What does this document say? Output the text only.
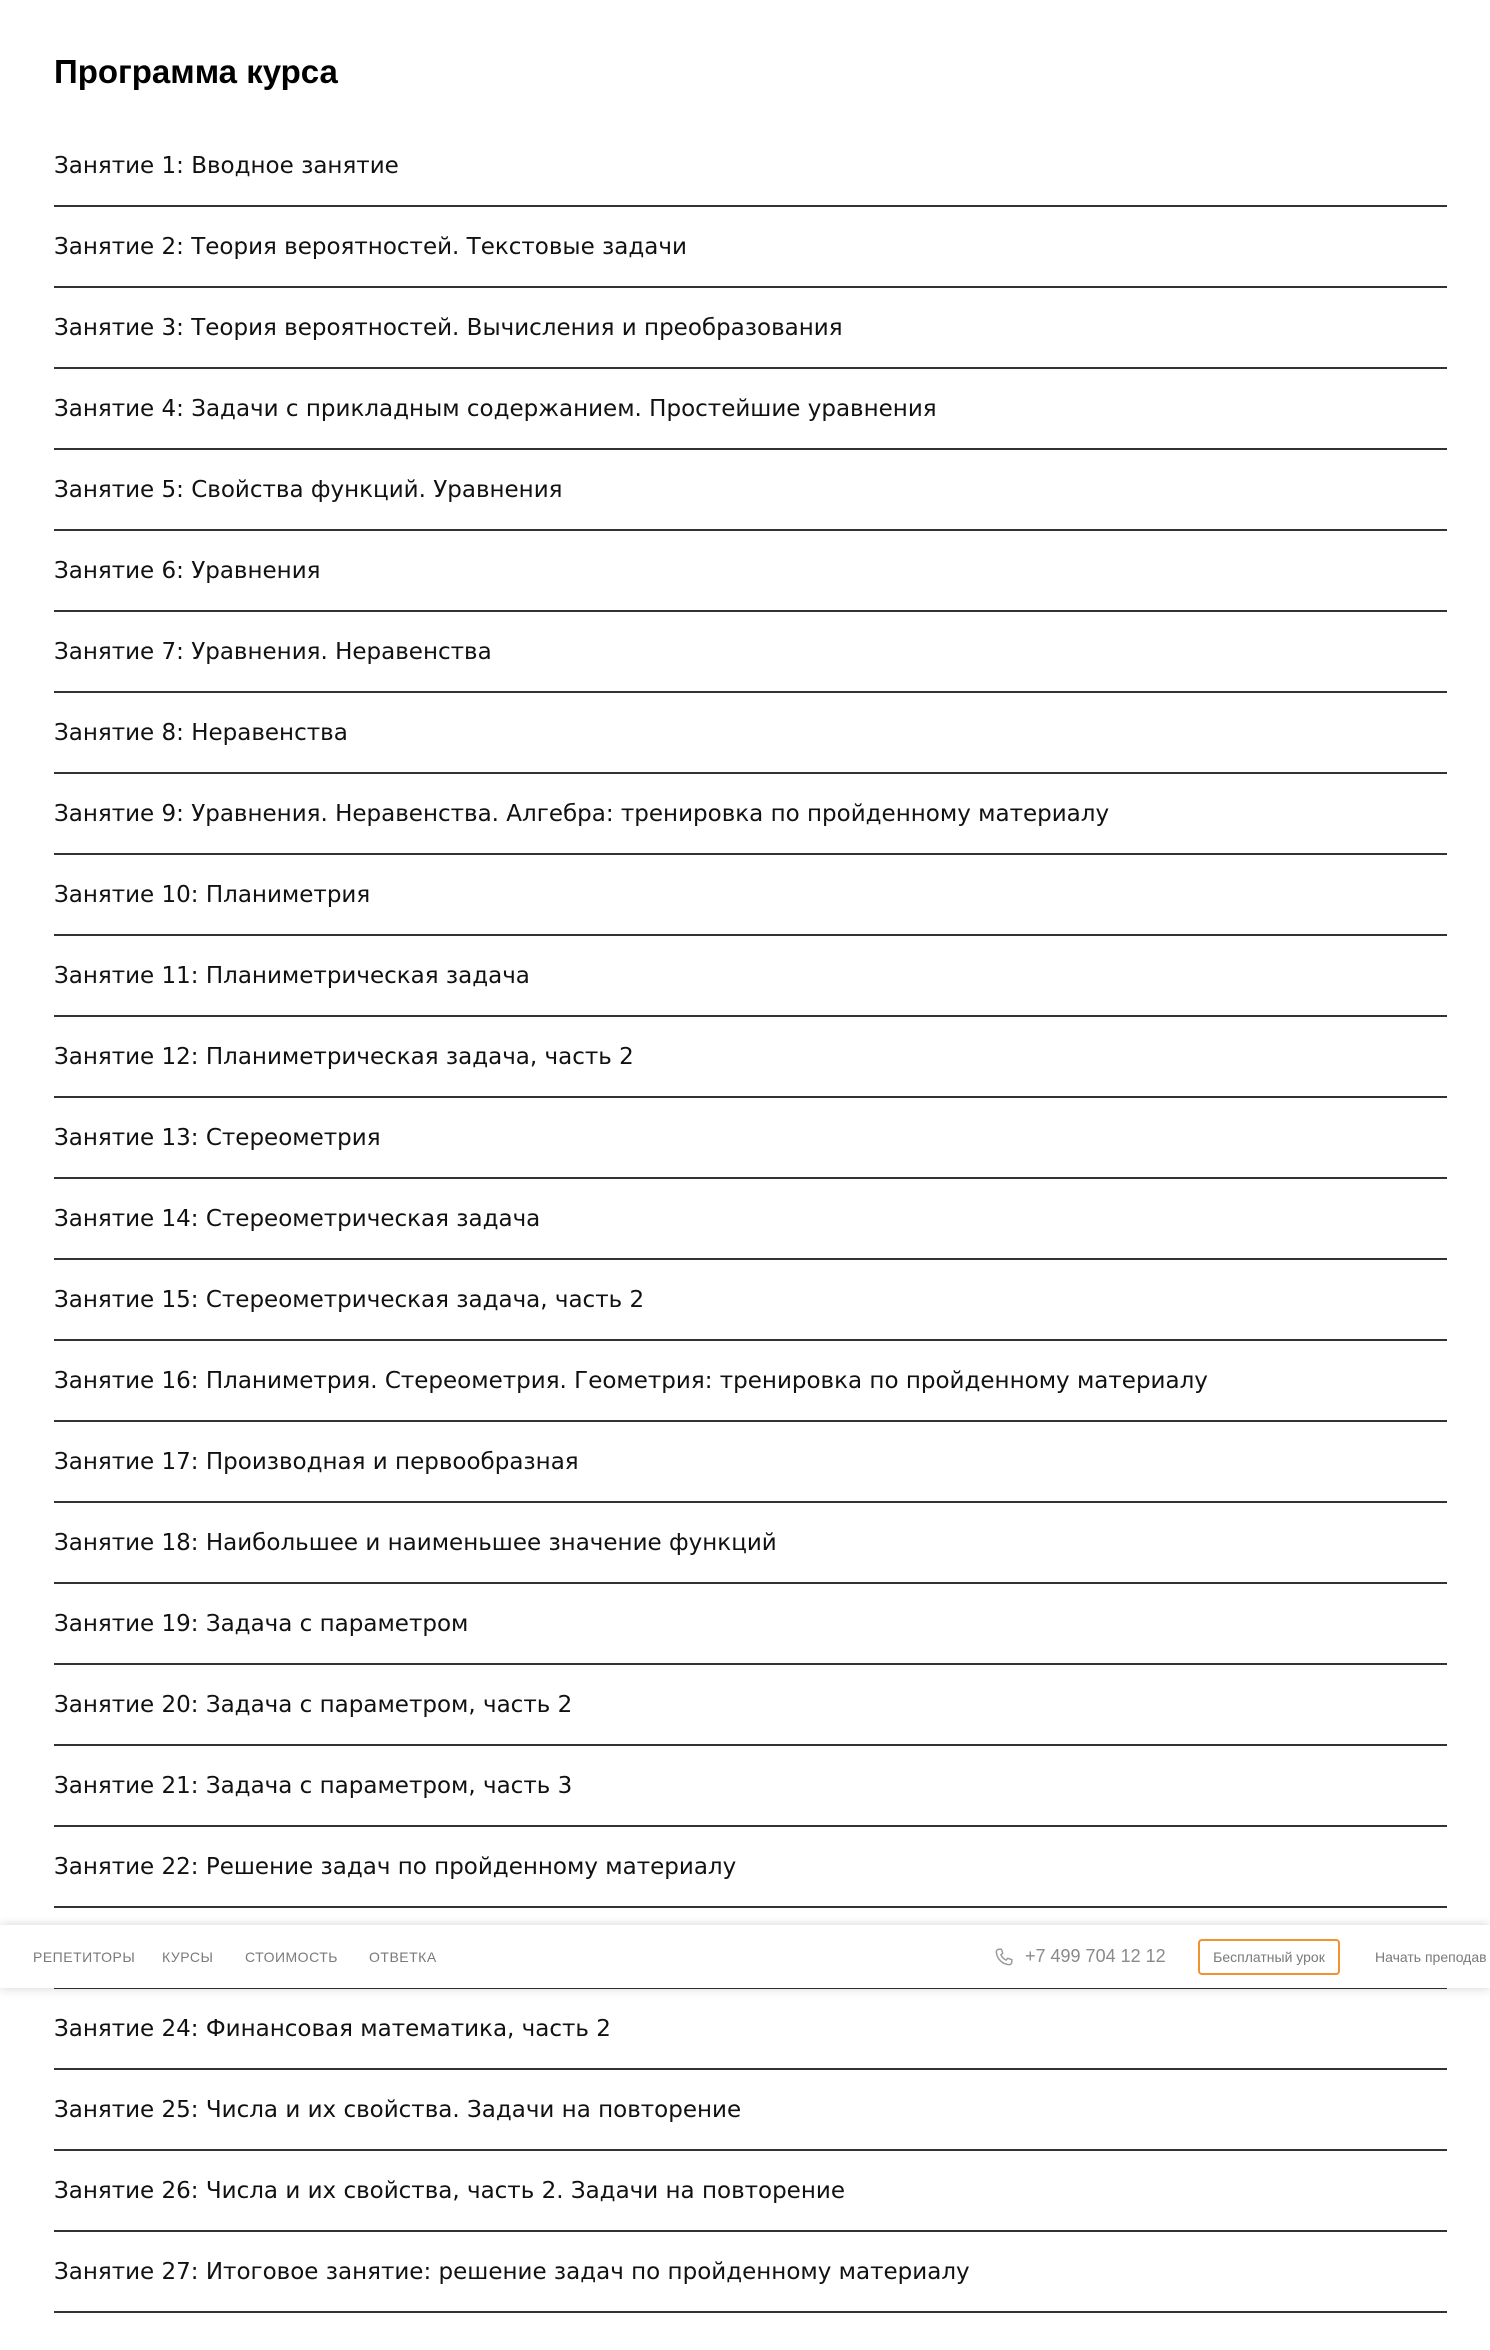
Программа курса
Занятие 1: Вводное занятие
Занятие 2: Теория вероятностей. Текстовые задачи
Занятие 3: Теория вероятностей. Вычисления и преобразования
Занятие 4: Задачи с прикладным содержанием. Простейшие уравнения
Занятие 5: Свойства функций. Уравнения
Занятие 6: Уравнения
Занятие 7: Уравнения. Неравенства
Занятие 8: Неравенства
Занятие 9: Уравнения. Неравенства. Алгебра: тренировка по пройденному материалу
Занятие 10: Планиметрия
Занятие 11: Планиметрическая задача
Занятие 12: Планиметрическая задача, часть 2
Занятие 13: Стереометрия
Занятие 14: Стереометрическая задача
Занятие 15: Стереометрическая задача, часть 2
Занятие 16: Планиметрия. Стереометрия. Геометрия: тренировка по пройденному материалу
Занятие 17: Производная и первообразная
Занятие 18: Наибольшее и наименьшее значение функций
Занятие 19: Задача с параметром
Занятие 20: Задача с параметром, часть 2
Занятие 21: Задача с параметром, часть 3
Занятие 22: Решение задач по пройденному материалу
Занятие 24: Финансовая математика, часть 2
Занятие 25: Числа и их свойства. Задачи на повторение
Занятие 26: Числа и их свойства, часть 2. Задачи на повторение
Занятие 27: Итоговое занятие: решение задач по пройденному материалу
РЕПЕТИТОРЫ КУРСЫ СТОИМОСТЬ ОТВЕТКА	+7 499 704 12 12	Бесплатный урок	Начать преподав
